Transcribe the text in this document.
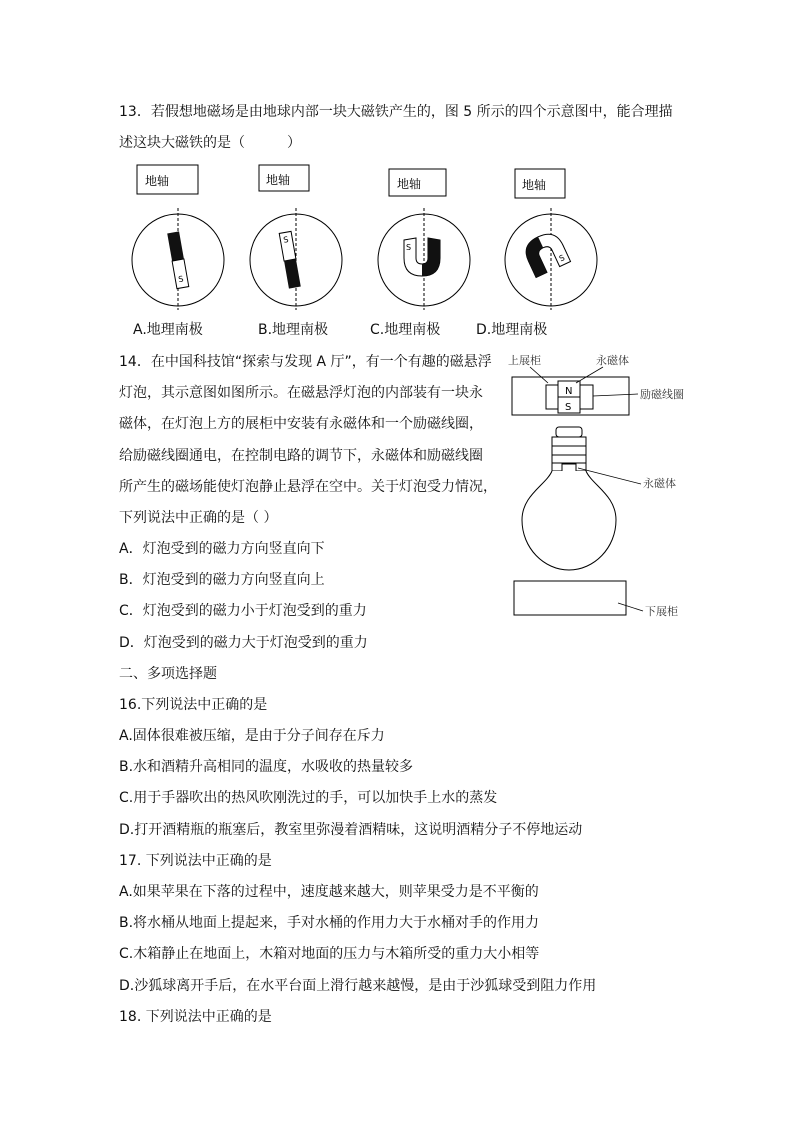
13．若假想地磁场是由地球内部一块大磁铁产生的，图 5 所示的四个示意图中，能合理描
述这块大磁铁的是（　　　）
地轴
S
地轴
S
地轴
S
地轴
S
A.地理南极	B.地理南极	C.地理南极	D.地理南极
14．在中国科技馆“探索与发现 A 厅”，有一个有趣的磁悬浮
灯泡，其示意图如图所示。在磁悬浮灯泡的内部装有一块永
磁体，在灯泡上方的展柜中安装有永磁体和一个励磁线圈，
给励磁线圈通电，在控制电路的调节下，永磁体和励磁线圈
所产生的磁场能使灯泡静止悬浮在空中。关于灯泡受力情况，
下列说法中正确的是（ ）
A．灯泡受到的磁力方向竖直向下
B．灯泡受到的磁力方向竖直向上
C．灯泡受到的磁力小于灯泡受到的重力
D．灯泡受到的磁力大于灯泡受到的重力
N
S
上展柜	永磁体
励磁线圈
永磁体
下展柜
二、多项选择题
16.下列说法中正确的是
A.固体很难被压缩，是由于分子间存在斥力
B.水和酒精升高相同的温度，水吸收的热量较多
C.用于手器吹出的热风吹刚洗过的手，可以加快手上水的蒸发
D.打开酒精瓶的瓶塞后，教室里弥漫着酒精味，这说明酒精分子不停地运动
17. 下列说法中正确的是
A.如果苹果在下落的过程中，速度越来越大，则苹果受力是不平衡的
B.将水桶从地面上提起来，手对水桶的作用力大于水桶对手的作用力
C.木箱静止在地面上，木箱对地面的压力与木箱所受的重力大小相等
D.沙狐球离开手后，在水平台面上滑行越来越慢，是由于沙狐球受到阻力作用
18. 下列说法中正确的是
